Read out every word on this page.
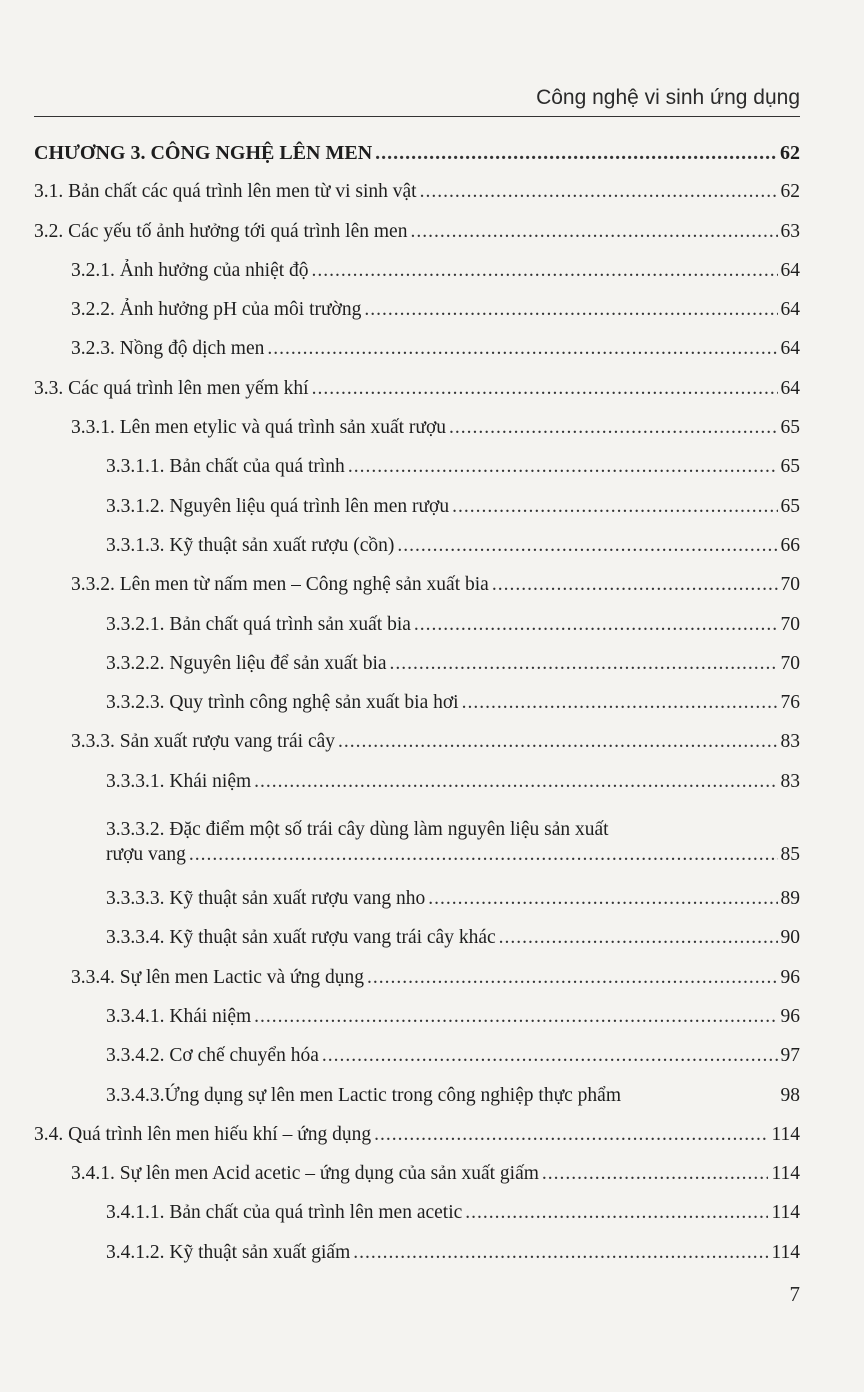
Công nghệ vi sinh ứng dụng
CHƯƠNG 3. CÔNG NGHỆ LÊN MEN .....	62
3.1. Bản chất các quá trình lên men từ vi sinh vật .....	62
3.2. Các yếu tố ảnh hưởng tới quá trình lên men .....	63
3.2.1. Ảnh hưởng của nhiệt độ .....	64
3.2.2. Ảnh hưởng pH của môi trường .....	64
3.2.3. Nồng độ dịch men .....	64
3.3. Các quá trình lên men yếm khí .....	64
3.3.1. Lên men etylic và quá trình sản xuất rượu .....	65
3.3.1.1. Bản chất của quá trình .....	65
3.3.1.2. Nguyên liệu quá trình lên men rượu .....	65
3.3.1.3. Kỹ thuật sản xuất rượu (cồn) .....	66
3.3.2. Lên men từ nấm men – Công nghệ sản xuất bia .....	70
3.3.2.1. Bản chất quá trình sản xuất bia .....	70
3.3.2.2. Nguyên liệu để sản xuất bia .....	70
3.3.2.3. Quy trình công nghệ sản xuất bia hơi .....	76
3.3.3. Sản xuất rượu vang trái cây .....	83
3.3.3.1. Khái niệm .....	83
3.3.3.2. Đặc điểm một số trái cây dùng làm nguyên liệu sản xuất
rượu vang .....	85
3.3.3.3. Kỹ thuật sản xuất rượu vang nho .....	89
3.3.3.4. Kỹ thuật sản xuất rượu vang trái cây khác .....	90
3.3.4. Sự lên men Lactic và ứng dụng .....	96
3.3.4.1. Khái niệm .....	96
3.3.4.2. Cơ chế chuyển hóa .....	97
3.3.4.3.Ứng dụng sự lên men Lactic trong công nghiệp thực phẩm	98
3.4. Quá trình lên men hiếu khí – ứng dụng .....	114
3.4.1. Sự lên men Acid acetic – ứng dụng của sản xuất giấm .....	114
3.4.1.1. Bản chất của quá trình lên men acetic .....	114
3.4.1.2. Kỹ thuật sản xuất giấm .....	114
7
